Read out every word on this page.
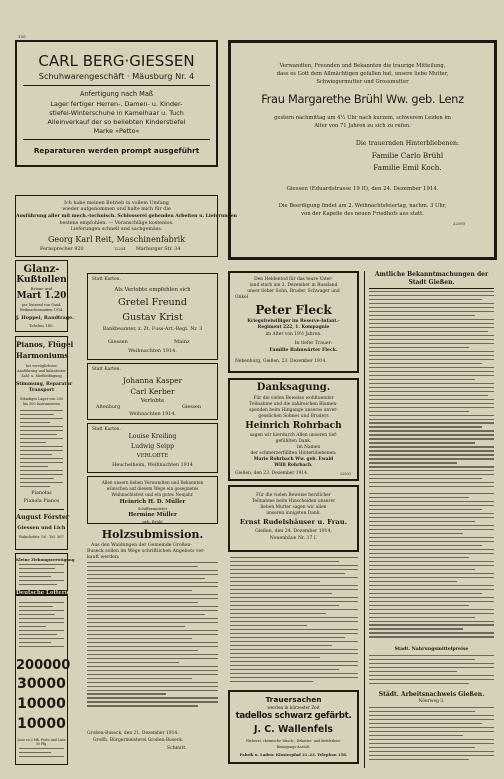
135
CARL BERG·GIESSEN
Schuhwarengeschäft · Mäusburg Nr. 4
Anfertigung nach Maß
Lager fertiger Herren-, Damen- u. Kinder-
stiefel-Winterschuhe in Kamelhaar u. Tuch
Alleinverkauf der so beliebten Kinderstiefel
Marke »Petto«
Reparaturen werden prompt ausgeführt
Ich habe meinen Betrieb in vollem Umfang
wieder aufgenommen und halte mich für die
Ausführung aller mit mech.-technisch. Schlosserei gehenden Arbeiten u. Lieferungen
bestens empfohlen. — Voranschläge kostenlos.
Lieferungen schnell und sachgemäss.
Georg Karl Reit, Maschinenfabrik
Fernsprecher 920	12234 Marburger Str. 34
Glanz-
Kußtollen
Brisur und
Mart 1.20
per Dutzend von Gaud.
Weihnachtsmarken 1914.
J. Hoppel, Randtrage.
Telefon 185.
Pianos, Flügel
Harmoniums
bei vorzüglichster
Ausführung und kulantester
Zahl- u. Mietbedingung
Stimmung, Reparatur
Transport
Ständiges Lager von 200
bis 300 Instrumenten
Pianolas
Pianola Pianos
August Förster
Giessen und Lich
Bahnhofstr. 56 · Tel. 367
Kleine Ziehungsverträgung
Deutsche Lotterie
200000
30000
10000
10000
Lose zu 3 Mk. Porto und Liste 30 Pfg.
Statt Karten.
Als Verlobte empfehlen sich
Gretel Freund
Gustav Krist
Bankbeamter, z. Zt. Fuss-Art.-Regt. Nr. 3
Giessen	Mainz
Weihnachten 1914.
Statt Karten.
Johanna Kasper
Carl Kerber
Verlobte
Altenburg	Giessen
Weihnachten 1914.
Statt Karten.
Louise Kreiling
Ludwig Seipp
VERLOBTE
Heuchelheim, Weihnachten 1914
Allen unsern lieben Verwandten und Bekannten
wünschen auf diesem Wege ein gesegnetes
Weihnachtsfest und ein gutes Neujahr.
Heinrich H. D. Müller
Schiffermeister
Hermine Müller
geb. Brühl
Holzsubmission.
Aus den Waldungen der Gemeinde Großen-
Buseck sollen im Wege schriftlichen Angebots ver-
kauft werden:
Großen-Buseck, den 21. Dezember 1914.
Großh. Bürgermeisterei Großen-Buseck.
Schmitt.
Verwandten, Freunden und Bekannten die traurige Mitteilung,
dass es Gott dem Allmächtigen gefallen hat, unsere liebe Mutter,
Schwiegermutter und Grossmutter
Frau Margarethe Brühl Ww. geb. Lenz
gestern nachmittag um 4½ Uhr nach kurzem, schwerem Leiden im
Alter von 71 Jahren zu sich zu rufen.
Die trauernden Hinterbliebenen:
Familie Carlo Brühl
Familie Emil Koch.
Giessen (Eduardstrasse 19 II), den 24. Dezember 1914.
Die Beerdigung findet am 2. Weihnachtsfeiertag, nachm. 3 Uhr,
von der Kapelle des neuen Friedhofs aus statt.
22593
Den Heldentod für das teure Vater-
land starb am 2. Dezember in Russland
unser lieber Sohn, Bruder, Schwager und
Onkel
Peter Fleck
Kriegsfreiwilliger im Reserve-Infant.-
Regiment 222, 1. Kompagnie
im Alter von 19½ Jahren.
In tiefer Trauer:
Familie Bahnwärter Fleck.
Nebenburg, Gießen, 23. Dezember 1914.
Danksagung.
Für die vielen Beweise wohltuender
Teilnahme und die zahlreichen Blumen-
spenden beim Hingange unseres unver-
gesslichen Sohnes und Bruders
Heinrich Rohrbach
sagen wir hierdurch Allen unseren tief-
gefühlten Dank.
Im Namen
der schmerzerfüllten Hinterbliebenen:
Marie Rohrbach Ww. geb. Ewald
Willi Rohrbach.
Gießen, den 23. Dezember 1914.	22503
Für die vielen Beweise herzlicher
Teilnahme beim Hinscheiden unserer
lieben Mutter sagen wir allen
unseren innigsten Dank.
Ernst Rudelshäuser u. Frau.
Gießen, den 24. Dezember 1914.
Neuenbäue Nr. 17 I.
Trauersachen
werden in kürzester Zeit
tadellos schwarz gefärbt.
J. C. Wallenfels
Färberei, chemische Wasch-, Dekatier- und Bettfedern-
Reinigungs-Anstalt.
Fabrik u. Laden: Klosterpfad 21–23. Telephon 158.
Amtliche Bekanntmachungen der
Stadt Gießen.
Stadt. Nahrungsmittelpreise
Städt. Arbeitsnachweis Gießen.
Nöerweg 3.
